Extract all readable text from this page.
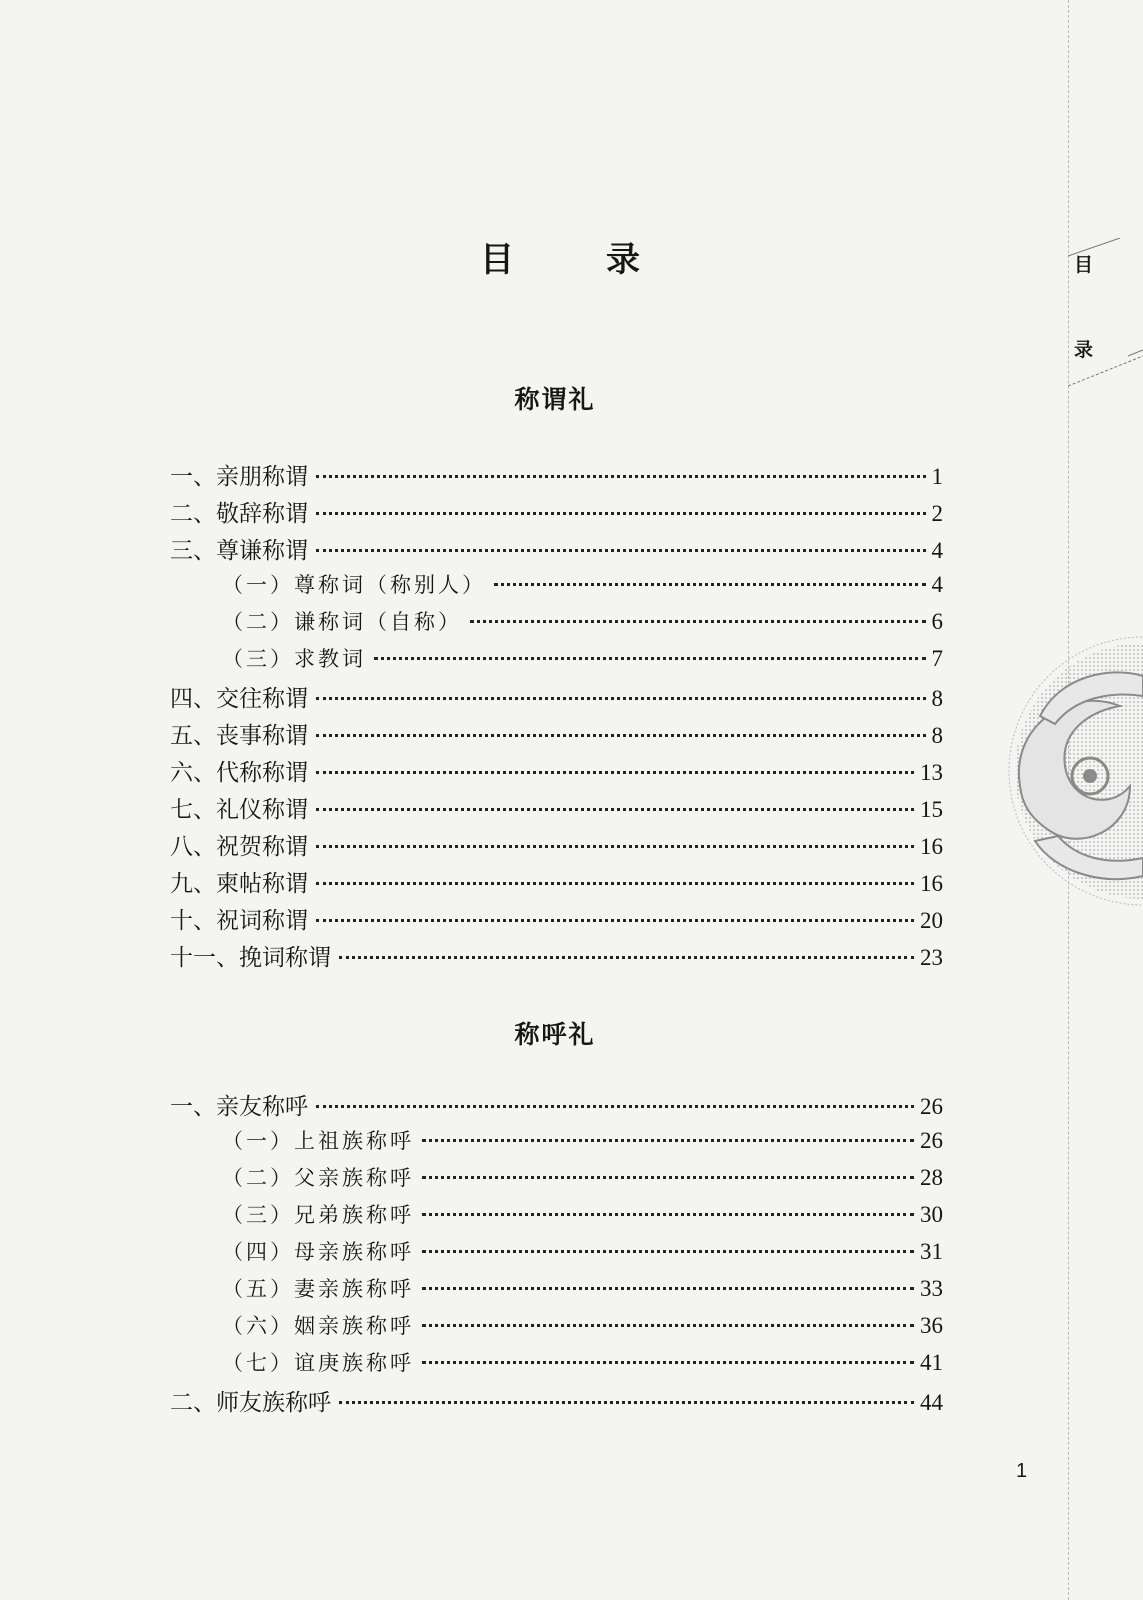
目	录	目
录
称谓礼
一、亲朋称谓	1
二、敬辞称谓	2
三、尊谦称谓	4
（一）尊称词（称别人）	4
（二）谦称词（自称）	6
（三）求教词	7
四、交往称谓	8
五、丧事称谓	8
六、代称称谓	13
七、礼仪称谓	15
八、祝贺称谓	16
九、柬帖称谓	16
十、祝词称谓	20
十一、挽词称谓	23
称呼礼
一、亲友称呼	26
（一）上祖族称呼	26
（二）父亲族称呼	28
（三）兄弟族称呼	30
（四）母亲族称呼	31
（五）妻亲族称呼	33
（六）姻亲族称呼	36
（七）谊庚族称呼	41
二、师友族称呼	44
1
